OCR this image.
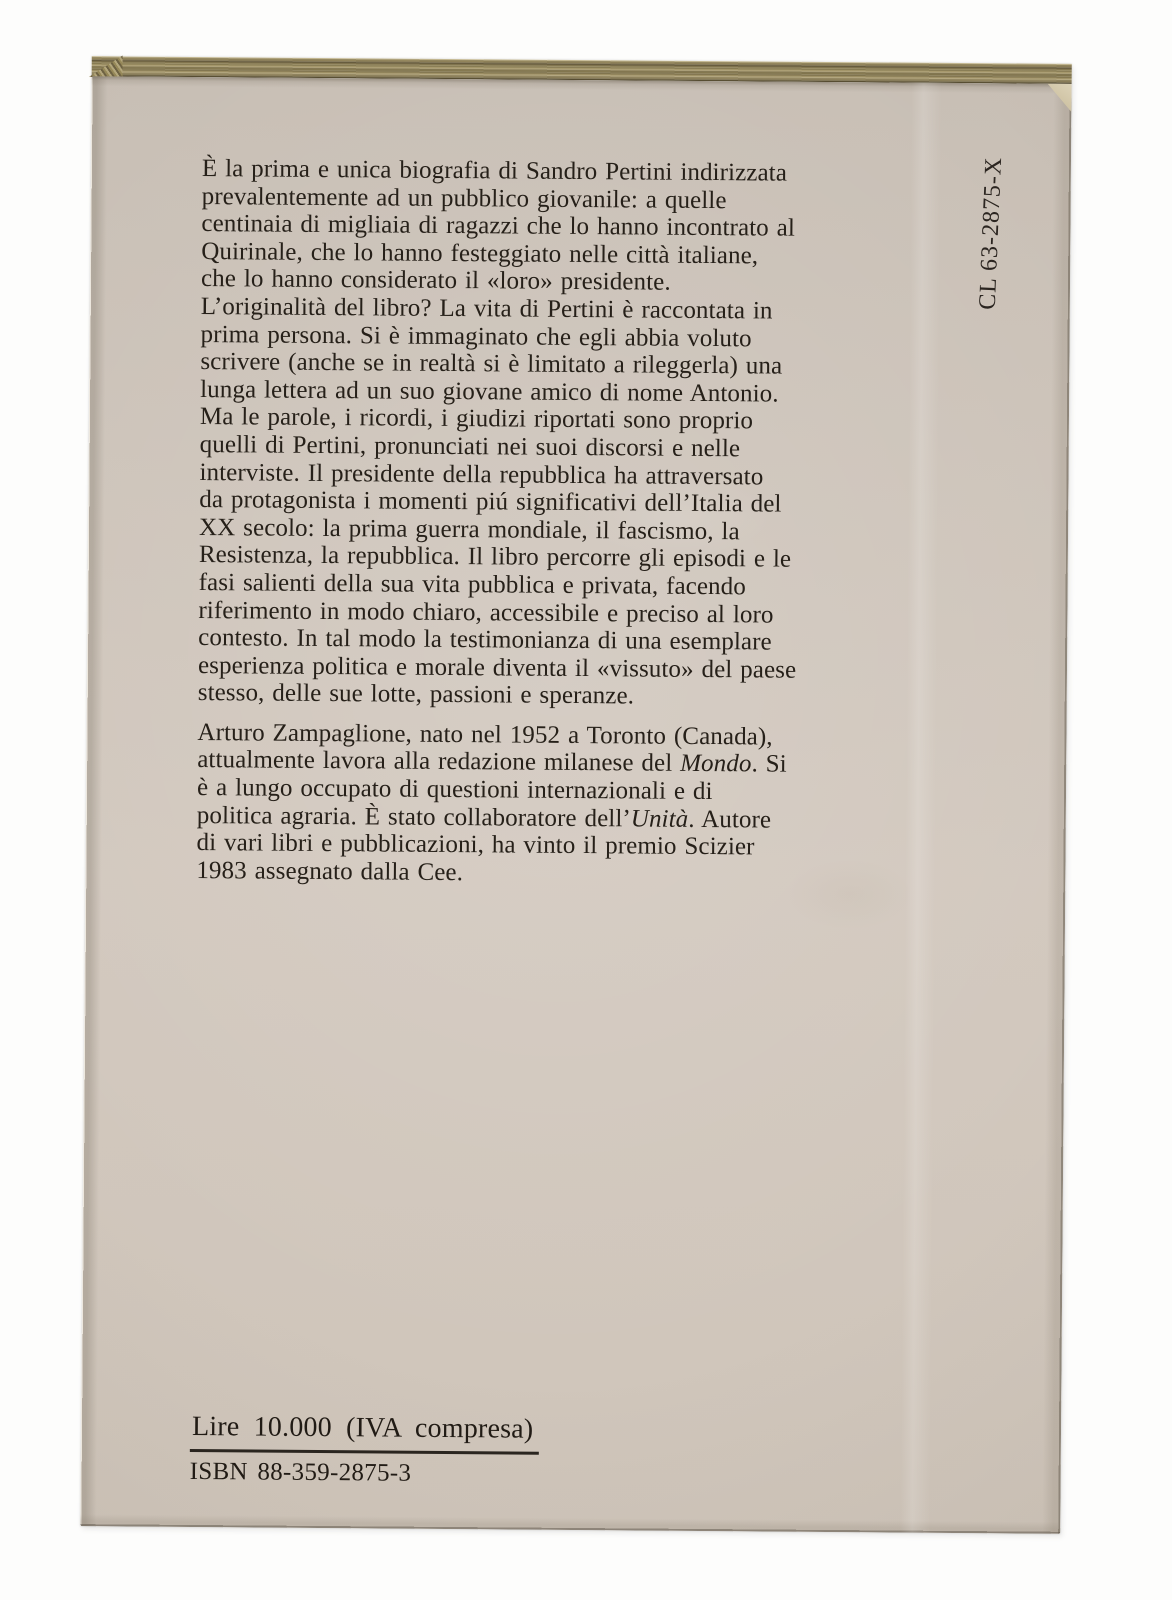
È la prima e unica biografia di Sandro Pertini indirizzata
prevalentemente ad un pubblico giovanile: a quelle
centinaia di migliaia di ragazzi che lo hanno incontrato al
Quirinale, che lo hanno festeggiato nelle città italiane,
che lo hanno considerato il «loro» presidente.
L’originalità del libro? La vita di Pertini è raccontata in
prima persona. Si è immaginato che egli abbia voluto
scrivere (anche se in realtà si è limitato a rileggerla) una
lunga lettera ad un suo giovane amico di nome Antonio.
Ma le parole, i ricordi, i giudizi riportati sono proprio
quelli di Pertini, pronunciati nei suoi discorsi e nelle
interviste. Il presidente della repubblica ha attraversato
da protagonista i momenti piú significativi dell’Italia del
XX secolo: la prima guerra mondiale, il fascismo, la
Resistenza, la repubblica. Il libro percorre gli episodi e le
fasi salienti della sua vita pubblica e privata, facendo
riferimento in modo chiaro, accessibile e preciso al loro
contesto. In tal modo la testimonianza di una esemplare
esperienza politica e morale diventa il «vissuto» del paese
stesso, delle sue lotte, passioni e speranze.
Arturo Zampaglione, nato nel 1952 a Toronto (Canada),
attualmente lavora alla redazione milanese del Mondo. Si
è a lungo occupato di questioni internazionali e di
politica agraria. È stato collaboratore dell’Unità. Autore
di vari libri e pubblicazioni, ha vinto il premio Scizier
1983 assegnato dalla Cee.
CL 63-2875-X
Lire 10.000 (IVA compresa)
ISBN 88-359-2875-3
